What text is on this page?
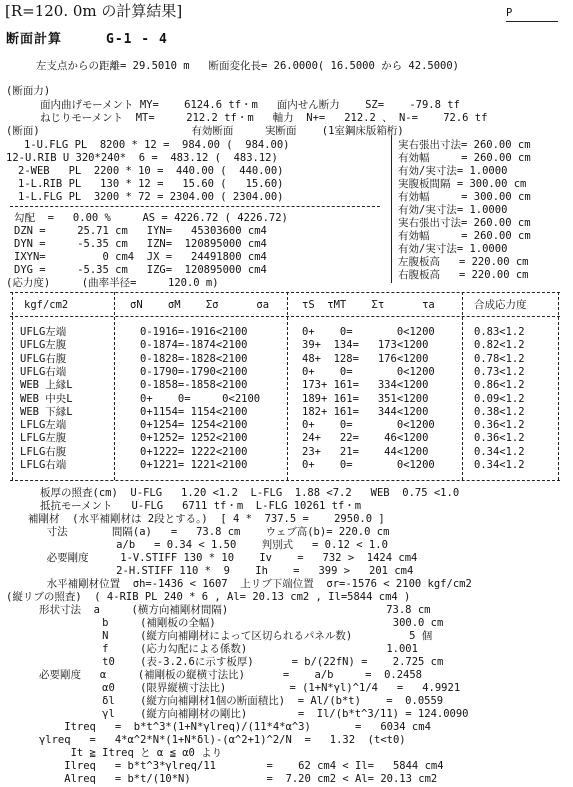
[R=120. 0m の計算結果]	P
断面計算	G-1 - 4
左支点からの距離= 29.5010 m   断面変化長= 26.0000( 16.5000 から 42.5000)
(断面力)
面内曲げモーメント MY=    6124.6 tf・m   面内せん断力    SZ=    -79.8 tf
ねじりモーメント  MT=     212.2 tf・m   軸力  N+=   212.2 、 N-=    72.6 tf
(断面)                        有効断面     実断面    (1室鋼床版箱桁)
1-U.FLG PL  8200 * 12 =  984.00 (  984.00)
12-U.RIB U 320*240*  6 =  483.12 (  483.12)
2-WEB   PL  2200 * 10 =  440.00 (  440.00)
1-L.RIB PL   130 * 12 =   15.60 (   15.60)
1-L.FLG PL  3200 * 72 = 2304.00 ( 2304.00)
実右張出寸法= 260.00 cm
有効幅     = 260.00 cm
有効/実寸法= 1.0000
実腹板間隔 = 300.00 cm
有効幅     = 300.00 cm
有効/実寸法= 1.0000
実右張出寸法= 260.00 cm
有効幅     = 260.00 cm
有効/実寸法= 1.0000
左腹板高   = 220.00 cm
右腹板高   = 220.00 cm
勾配  =   0.00 %     AS = 4226.72 ( 4226.72)
DZN =     25.71 cm   IYN=   45303600 cm4
DYN =     -5.35 cm   IZN=  120895000 cm4
IXYN=         0 cm4  JX =   24491800 cm4
DYG =     -5.35 cm   IZG=  120895000 cm4
(応力度)     (曲率半径=     120.0 m)
kgf/cm2	σN    σM    Σσ      σa	τS  τMT    Στ      τa	合成応力度
UFLG左端	0-1916=-1916<2100	0+    0=       0<1200	0.83<1.2
UFLG左腹	0-1874=-1874<2100	39+  134=   173<1200	0.82<1.2
UFLG右腹	0-1828=-1828<2100	48+  128=   176<1200	0.78<1.2
UFLG右端	0-1790=-1790<2100	0+    0=       0<1200	0.73<1.2
WEB 上縁L	0-1858=-1858<2100	173+ 161=   334<1200	0.86<1.2
WEB 中央L	0+    0=     0<2100	189+ 161=   351<1200	0.09<1.2
WEB 下縁L	0+1154= 1154<2100	182+ 161=   344<1200	0.38<1.2
LFLG左端	0+1254= 1254<2100	0+    0=       0<1200	0.36<1.2
LFLG左腹	0+1252= 1252<2100	24+   22=    46<1200	0.36<1.2
LFLG右腹	0+1222= 1222<2100	23+   21=    44<1200	0.34<1.2
LFLG右端	0+1221= 1221<2100	0+    0=       0<1200	0.34<1.2
板厚の照査(cm)  U-FLG   1.20 <1.2  L-FLG  1.88 <7.2   WEB  0.75 <1.0
抵抗モーメント   U-FLG   6711 tf・m  L-FLG 10261 tf・m
補剛材  (水平補剛材は 2段とする。)  [ 4 *  737.5 =    2950.0 ]
寸法       間隔(a)   =   73.8 cm    ウェブ高(b)= 220.0 cm
a/b   = 0.34 < 1.50    判別式   = 0.12 < 1.0
必要剛度     1-V.STIFF 130 * 10    Iv    =   732 >  1424 cm4
2-H.STIFF 110 *  9    Ih    =   399 >   201 cm4
水平補剛材位置  σh=-1436 < 1607  上リブ下端位置  σr=-1576 < 2100 kgf/cm2
(縦リブの照査)  ( 4-RIB PL 240 * 6 , Al= 20.13 cm2 , Il=5844 cm4 )
形状寸法  a     (横方向補剛材間隔)                         73.8 cm
b     (補剛板の全幅)                            300.0 cm
N     (縦方向補剛材によって区切られるパネル数)         5 個
f     (応力勾配による係数)                      1.001
t0    (表-3.2.6に示す板厚)      = b/(22fN) =    2.725 cm
必要剛度   α     (補剛板の縦横寸法比)      =    a/b     =  0.2458
α0    (限界縦横寸法比)          = (1+N*γl)^1/4   =   4.9921
δl    (縦方向補剛材1個の断面積比)  = Al/(b*t)    =  0.0559
γl    (縦方向補剛材の剛比)        =  Il/(b*t^3/11) = 124.0090
Itreq   =  b*t^3*(1+N*γlreq)/(11*4*α^3)       =   6034 cm4
γlreq   =   4*α^2*N*(1+N*δl)-(α^2+1)^2/N  =   1.32  (t<t0)
It ≧ Itreq と α ≦ α0 より
Ilreq   = b*t^3*γlreq/11        =    62 cm4 < Il=   5844 cm4
Alreq   = b*t/(10*N)            =  7.20 cm2 < Al= 20.13 cm2
